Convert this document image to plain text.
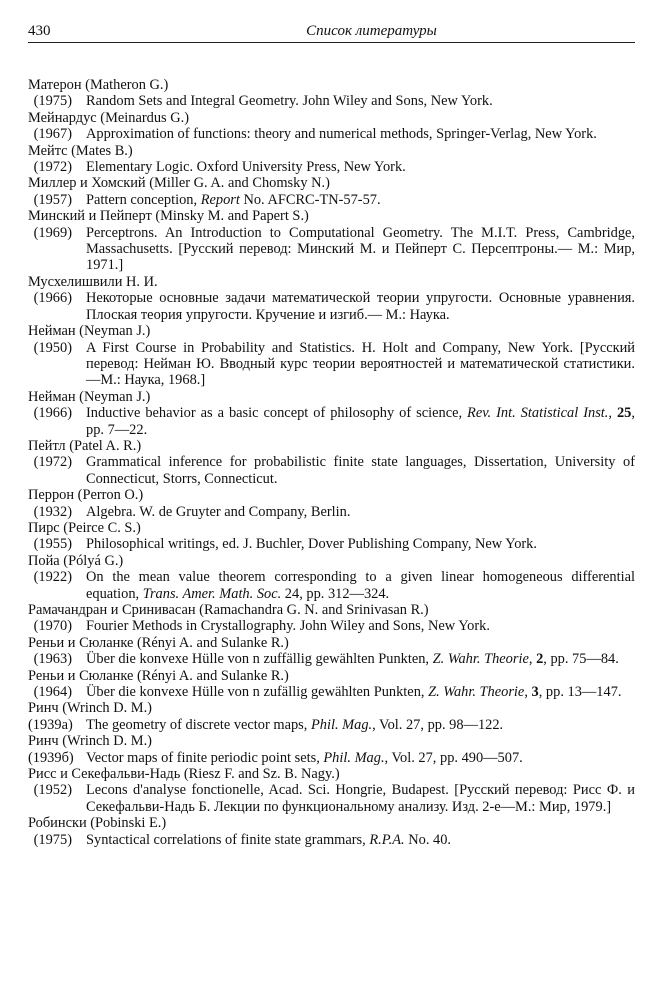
430	Список литературы
Матерон (Matheron G.)
(1975) Random Sets and Integral Geometry. John Wiley and Sons, New York.
Мейнардус (Meinardus G.)
(1967) Approximation of functions: theory and numerical methods, Springer-Verlag, New York.
Мейтс (Mates B.)
(1972) Elementary Logic. Oxford University Press, New York.
Миллер и Хомский (Miller G. A. and Chomsky N.)
(1957) Pattern conception, Report No. AFCRC-TN-57-57.
Минский и Пейперт (Minsky M. and Papert S.)
(1969) Perceptrons. An Introduction to Computational Geometry. The M.I.T. Press, Cambridge, Massachusetts. [Русский перевод: Минский М. и Пейперт С. Персептроны.— М.: Мир, 1971.]
Мусхелишвили Н. И.
(1966) Некоторые основные задачи математической теории упругости. Основные уравнения. Плоская теория упругости. Кручение и изгиб.— М.: Наука.
Нейман (Neyman J.)
(1950) A First Course in Probability and Statistics. H. Holt and Company, New York. [Русский перевод: Нейман Ю. Вводный курс теории вероятностей и математической статистики.—М.: Наука, 1968.]
Нейман (Neyman J.)
(1966) Inductive behavior as a basic concept of philosophy of science, Rev. Int. Statistical Inst., 25, pp. 7—22.
Пейтл (Patel A. R.)
(1972) Grammatical inference for probabilistic finite state languages, Dissertation, University of Connecticut, Storrs, Connecticut.
Перрон (Perron O.)
(1932) Algebra. W. de Gruyter and Company, Berlin.
Пирс (Peirce C. S.)
(1955) Philosophical writings, ed. J. Buchler, Dover Publishing Company, New York.
Пойа (Pólyá G.)
(1922) On the mean value theorem corresponding to a given linear homogeneous differential equation, Trans. Amer. Math. Soc. 24, pp. 312—324.
Рамачандран и Сринивасан (Ramachandra G. N. and Srinivasan R.)
(1970) Fourier Methods in Crystallography. John Wiley and Sons, New York.
Реньи и Сюланке (Rényi A. and Sulanke R.)
(1963) Über die konvexe Hülle von n zuffällig gewählten Punkten, Z. Wahr. Theorie, 2, pp. 75—84.
Реньи и Сюланке (Rényi A. and Sulanke R.)
(1964) Über die konvexe Hülle von n zufällig gewählten Punkten, Z. Wahr. Theorie, 3, pp. 13—147.
Ринч (Wrinch D. M.)
(1939a) The geometry of discrete vector maps, Phil. Mag., Vol. 27, pp. 98—122.
Ринч (Wrinch D. M.)
(1939б) Vector maps of finite periodic point sets, Phil. Mag., Vol. 27, pp. 490—507.
Рисс и Секефальви-Надь (Riesz F. and Sz. B. Nagy.)
(1952) Leсons d'analyse fonctionelle, Acad. Sci. Hongrie, Budapest. [Русский перевод: Рисс Ф. и Секефальви-Надь Б. Лекции по функциональному анализу. Изд. 2-е—М.: Мир, 1979.]
Робински (Pobinski E.)
(1975) Syntactical correlations of finite state grammars, R.P.A. No. 40.
